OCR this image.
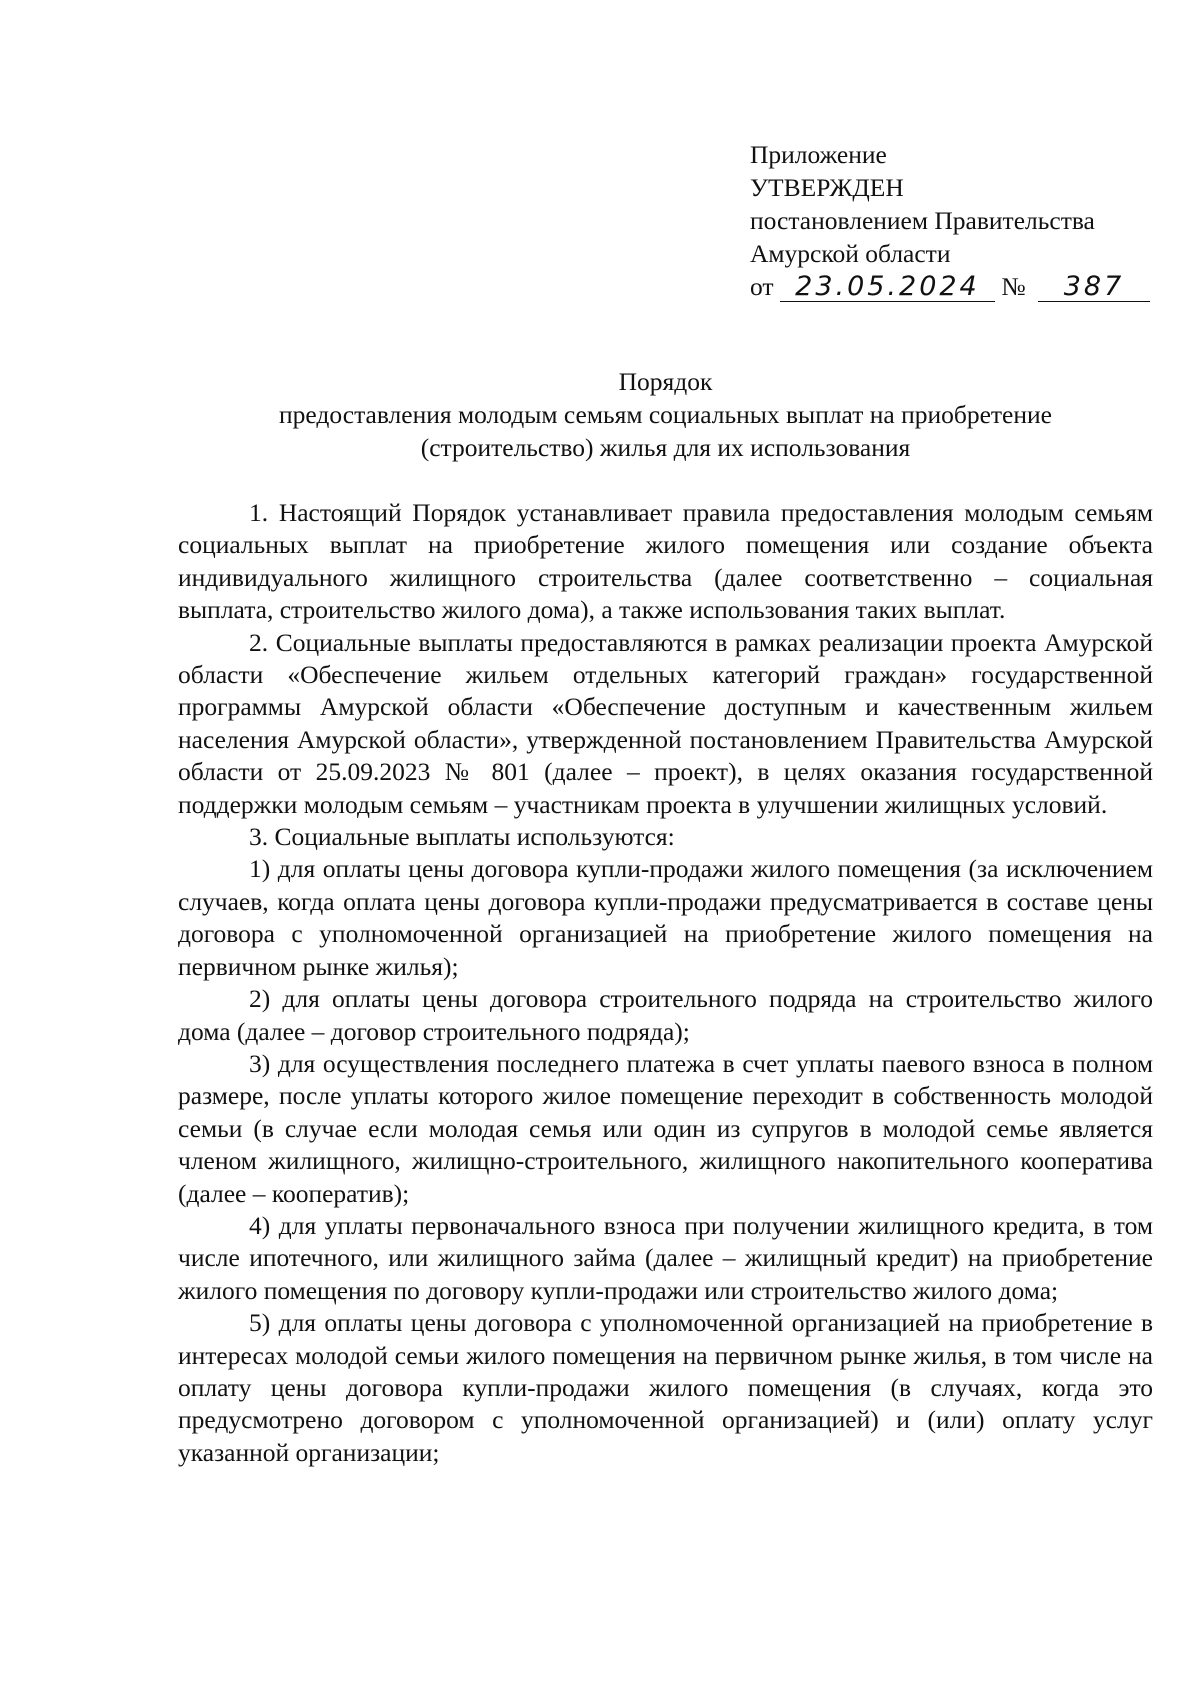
Приложение
УТВЕРЖДЕН
постановлением Правительства
Амурской области
от 23.05.2024 № 387
Порядок
предоставления молодым семьям социальных выплат на приобретение
(строительство) жилья для их использования

1. Настоящий Порядок устанавливает правила предоставления молодым семьям социальных выплат на приобретение жилого помещения или создание объекта индивидуального жилищного строительства (далее соответственно – социальная выплата, строительство жилого дома), а также использования таких выплат.

2. Социальные выплаты предоставляются в рамках реализации проекта Амурской области «Обеспечение жильем отдельных категорий граждан» государственной программы Амурской области «Обеспечение доступным и качественным жильем населения Амурской области», утвержденной постановлением Правительства Амурской области от 25.09.2023 № 801 (далее – проект), в целях оказания государственной поддержки молодым семьям – участникам проекта в улучшении жилищных условий.

3. Социальные выплаты используются:

1) для оплаты цены договора купли-продажи жилого помещения (за исключением случаев, когда оплата цены договора купли-продажи предусматривается в составе цены договора с уполномоченной организацией на приобретение жилого помещения на первичном рынке жилья);

2) для оплаты цены договора строительного подряда на строительство жилого дома (далее – договор строительного подряда);

3) для осуществления последнего платежа в счет уплаты паевого взноса в полном размере, после уплаты которого жилое помещение переходит в собственность молодой семьи (в случае если молодая семья или один из супругов в молодой семье является членом жилищного, жилищно-строительного, жилищного накопительного кооператива (далее – кооператив);

4) для уплаты первоначального взноса при получении жилищного кредита, в том числе ипотечного, или жилищного займа (далее – жилищный кредит) на приобретение жилого помещения по договору купли-продажи или строительство жилого дома;

5) для оплаты цены договора с уполномоченной организацией на приобретение в интересах молодой семьи жилого помещения на первичном рынке жилья, в том числе на оплату цены договора купли-продажи жилого помещения (в случаях, когда это предусмотрено договором с уполномоченной организацией) и (или) оплату услуг указанной организации;
